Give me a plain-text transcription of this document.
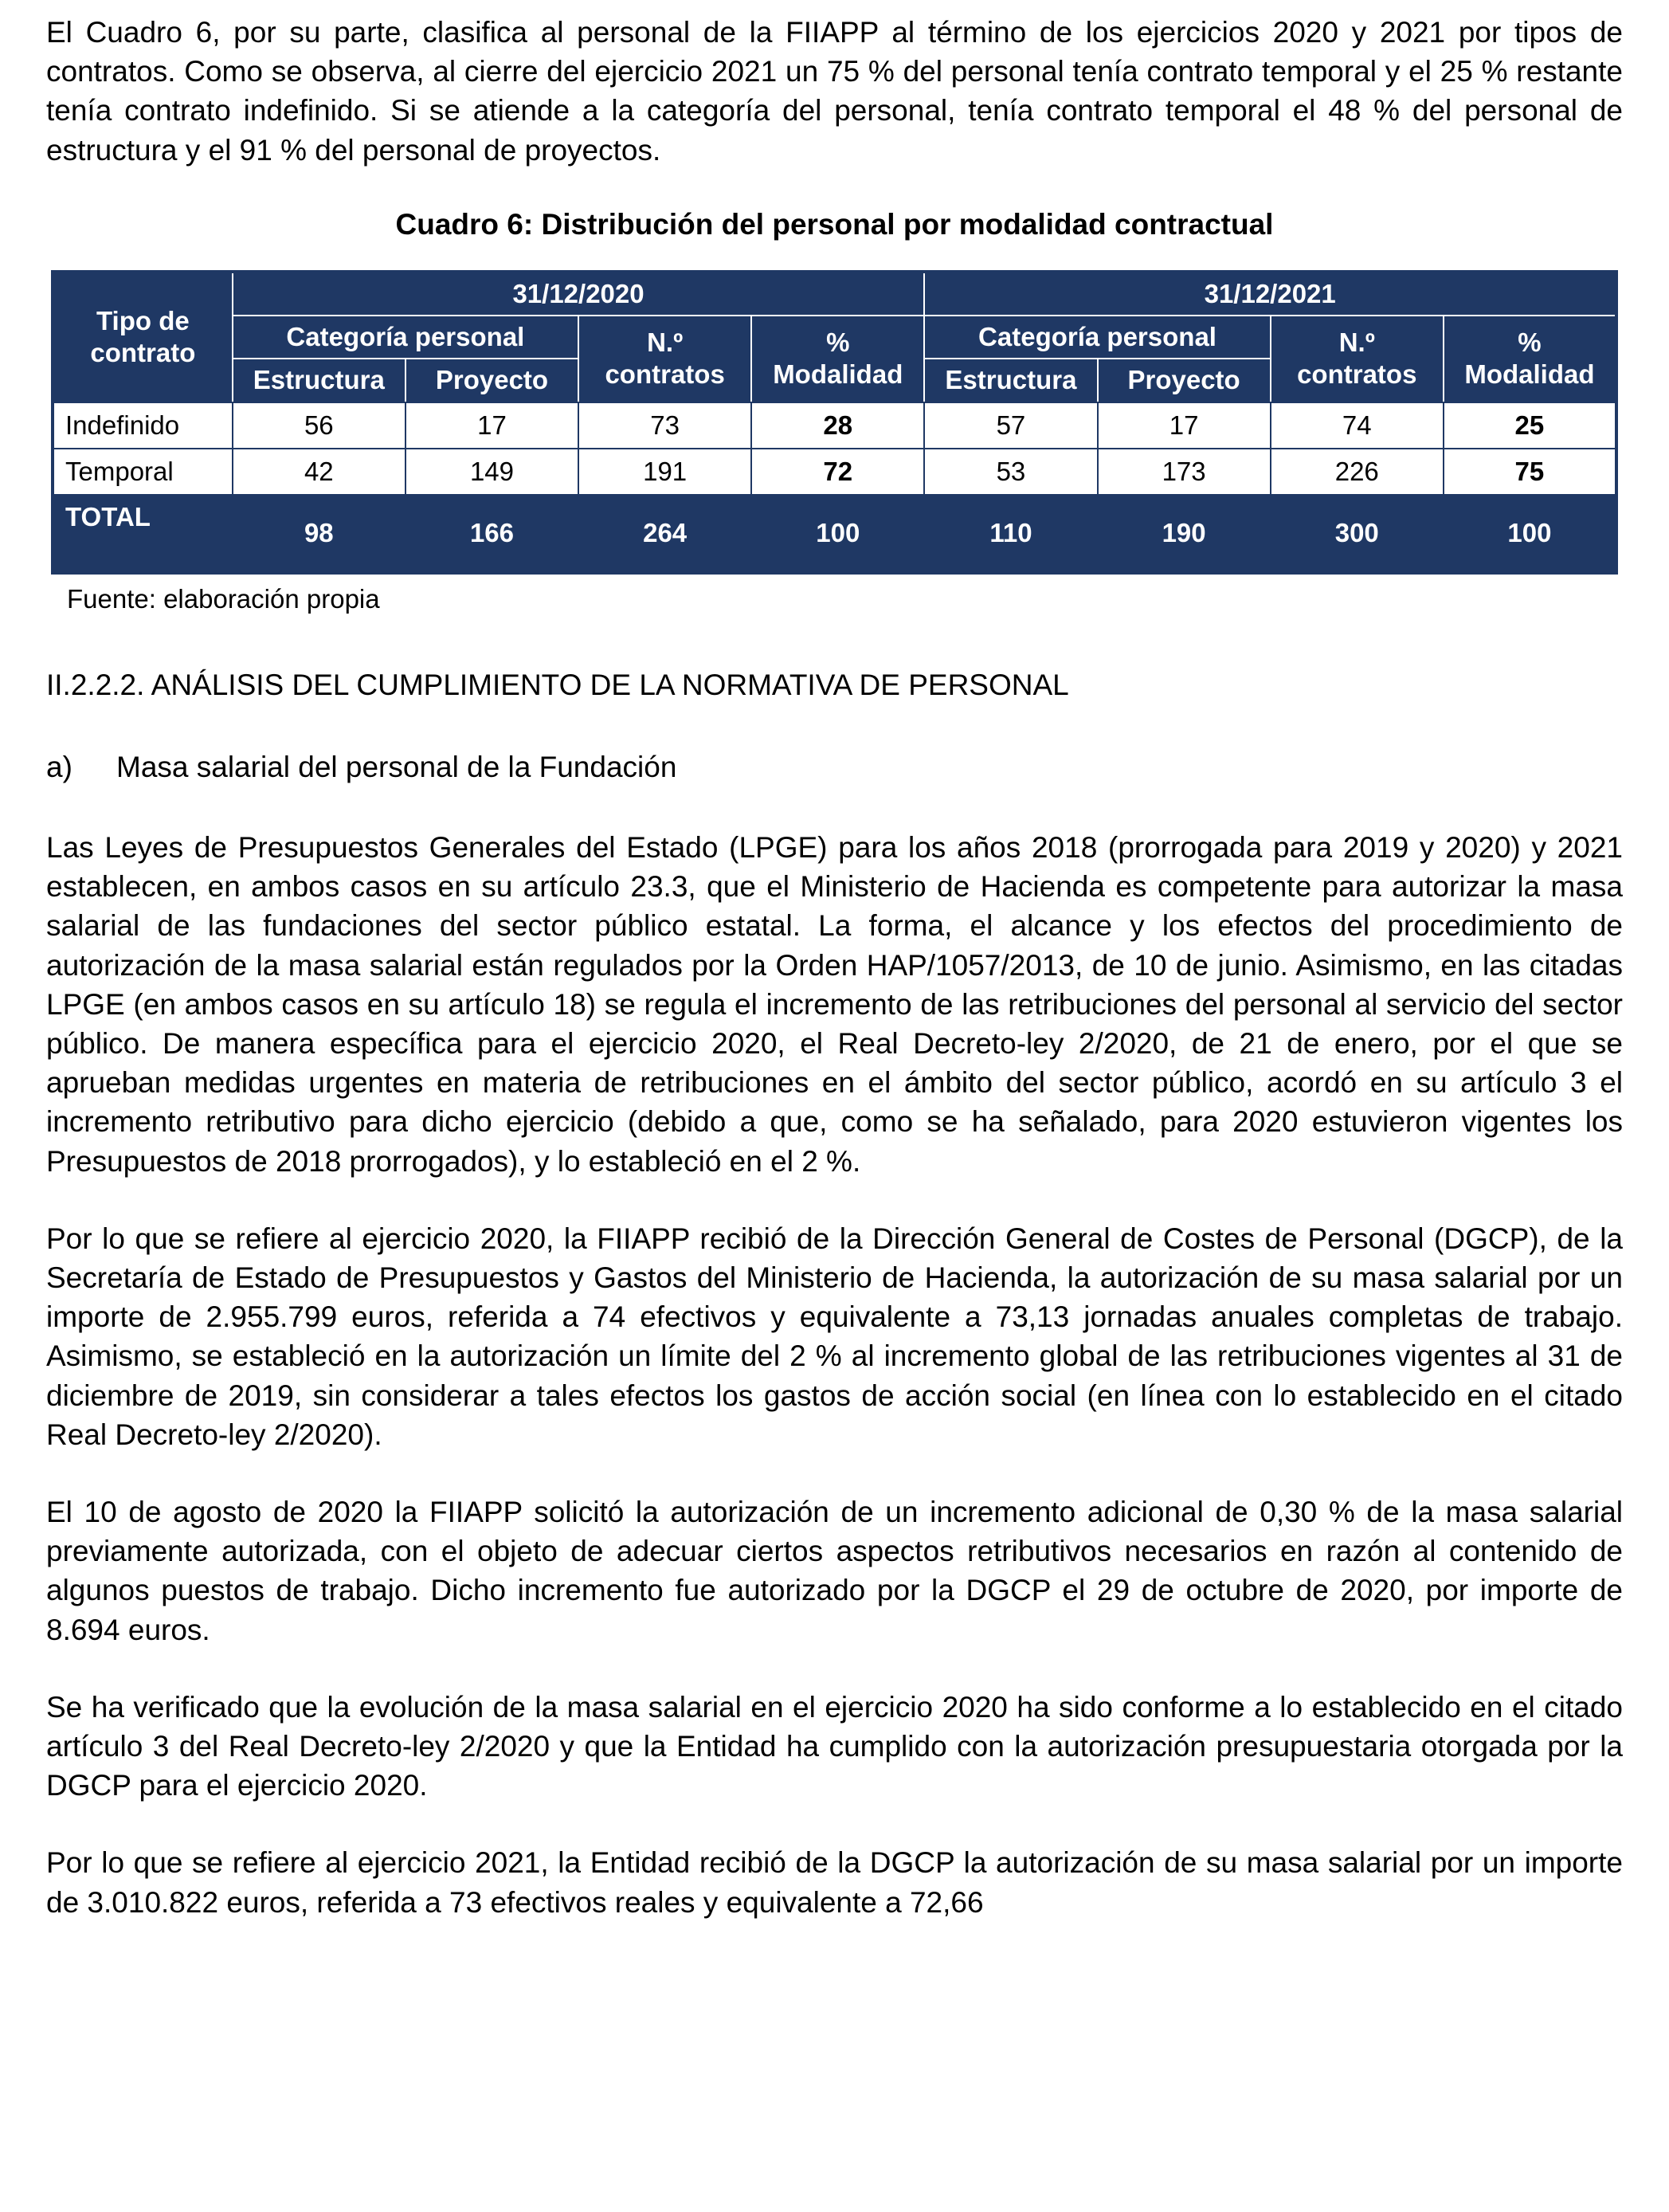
El Cuadro 6, por su parte, clasifica al personal de la FIIAPP al término de los ejercicios 2020 y 2021 por tipos de contratos. Como se observa, al cierre del ejercicio 2021 un 75 % del personal tenía contrato temporal y el 25 % restante tenía contrato indefinido. Si se atiende a la categoría del personal, tenía contrato temporal el 48 % del personal de estructura y el 91 % del personal de proyectos.

Cuadro 6: Distribución del personal por modalidad contractual
Tipo de contrato	31/12/2020				31/12/2021			
	Categoría personal		N.º contratos	% Modalidad	Categoría personal		N.º contratos	% Modalidad
	Estructura	Proyecto			Estructura	Proyecto		
Indefinido	56	17	73	28	57	17	74	25
Temporal	42	149	191	72	53	173	226	75
TOTAL	98	166	264	100	110	190	300	100
Fuente: elaboración propia
II.2.2.2. ANÁLISIS DEL CUMPLIMIENTO DE LA NORMATIVA DE PERSONAL
a) Masa salarial del personal de la Fundación

Las Leyes de Presupuestos Generales del Estado (LPGE) para los años 2018 (prorrogada para 2019 y 2020) y 2021 establecen, en ambos casos en su artículo 23.3, que el Ministerio de Hacienda es competente para autorizar la masa salarial de las fundaciones del sector público estatal. La forma, el alcance y los efectos del procedimiento de autorización de la masa salarial están regulados por la Orden HAP/1057/2013, de 10 de junio. Asimismo, en las citadas LPGE (en ambos casos en su artículo 18) se regula el incremento de las retribuciones del personal al servicio del sector público. De manera específica para el ejercicio 2020, el Real Decreto-ley 2/2020, de 21 de enero, por el que se aprueban medidas urgentes en materia de retribuciones en el ámbito del sector público, acordó en su artículo 3 el incremento retributivo para dicho ejercicio (debido a que, como se ha señalado, para 2020 estuvieron vigentes los Presupuestos de 2018 prorrogados), y lo estableció en el 2 %.

Por lo que se refiere al ejercicio 2020, la FIIAPP recibió de la Dirección General de Costes de Personal (DGCP), de la Secretaría de Estado de Presupuestos y Gastos del Ministerio de Hacienda, la autorización de su masa salarial por un importe de 2.955.799 euros, referida a 74 efectivos y equivalente a 73,13 jornadas anuales completas de trabajo. Asimismo, se estableció en la autorización un límite del 2 % al incremento global de las retribuciones vigentes al 31 de diciembre de 2019, sin considerar a tales efectos los gastos de acción social (en línea con lo establecido en el citado Real Decreto-ley 2/2020).

El 10 de agosto de 2020 la FIIAPP solicitó la autorización de un incremento adicional de 0,30 % de la masa salarial previamente autorizada, con el objeto de adecuar ciertos aspectos retributivos necesarios en razón al contenido de algunos puestos de trabajo. Dicho incremento fue autorizado por la DGCP el 29 de octubre de 2020, por importe de 8.694 euros.

Se ha verificado que la evolución de la masa salarial en el ejercicio 2020 ha sido conforme a lo establecido en el citado artículo 3 del Real Decreto-ley 2/2020 y que la Entidad ha cumplido con la autorización presupuestaria otorgada por la DGCP para el ejercicio 2020.

Por lo que se refiere al ejercicio 2021, la Entidad recibió de la DGCP la autorización de su masa salarial por un importe de 3.010.822 euros, referida a 73 efectivos reales y equivalente a 72,66
